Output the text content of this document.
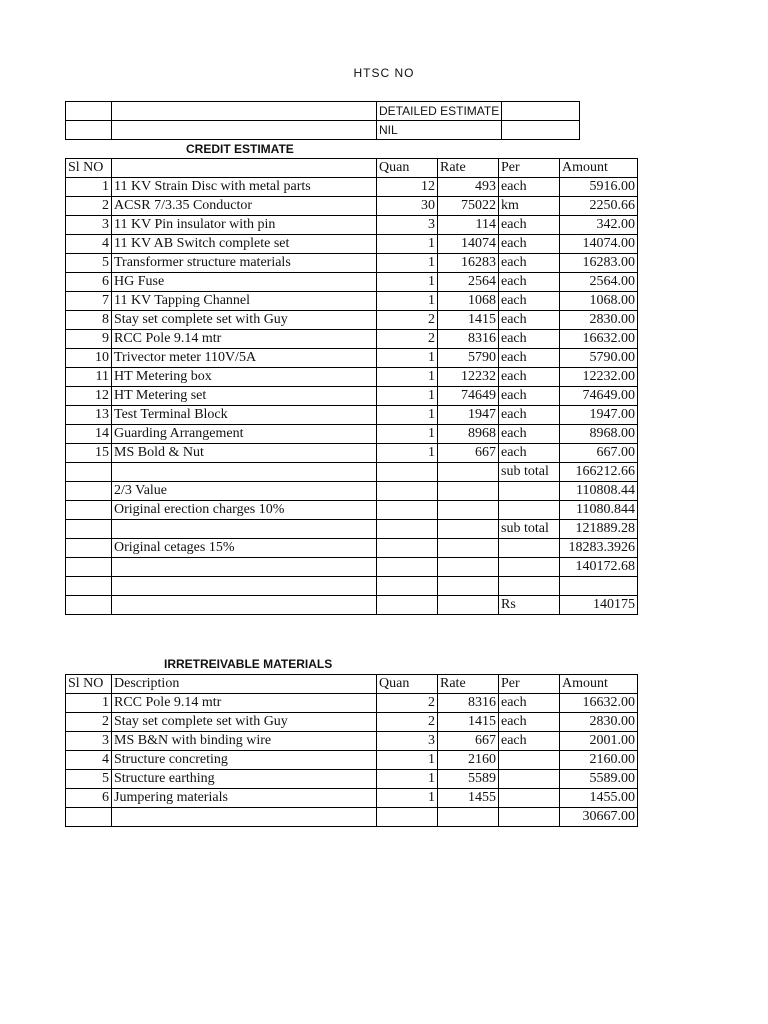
HTSC NO
		DETAILED ESTIMATE	
		NIL	
CREDIT ESTIMATE
Sl NO		Quan	Rate	Per	Amount
1	11 KV Strain Disc with metal parts	12	493	each	5916.00
2	ACSR 7/3.35 Conductor	30	75022	km	2250.66
3	11 KV Pin insulator with pin	3	114	each	342.00
4	11 KV AB Switch complete set	1	14074	each	14074.00
5	Transformer structure materials	1	16283	each	16283.00
6	HG Fuse	1	2564	each	2564.00
7	11 KV Tapping Channel	1	1068	each	1068.00
8	Stay set complete set with Guy	2	1415	each	2830.00
9	RCC Pole 9.14 mtr	2	8316	each	16632.00
10	Trivector meter 110V/5A	1	5790	each	5790.00
11	HT Metering box	1	12232	each	12232.00
12	HT Metering set	1	74649	each	74649.00
13	Test Terminal Block	1	1947	each	1947.00
14	Guarding Arrangement	1	8968	each	8968.00
15	MS Bold & Nut	1	667	each	667.00
				sub total	166212.66
	2/3 Value				110808.44
	Original erection charges 10%				11080.844
				sub total	121889.28
	Original cetages 15%				18283.3926
					140172.68

				Rs	140175
IRRETREIVABLE MATERIALS
Sl NO	Description	Quan	Rate	Per	Amount
1	RCC Pole 9.14 mtr	2	8316	each	16632.00
2	Stay set complete set with Guy	2	1415	each	2830.00
3	MS B&N with binding wire	3	667	each	2001.00
4	Structure concreting	1	2160		2160.00
5	Structure earthing	1	5589		5589.00
6	Jumpering materials	1	1455		1455.00
					30667.00
